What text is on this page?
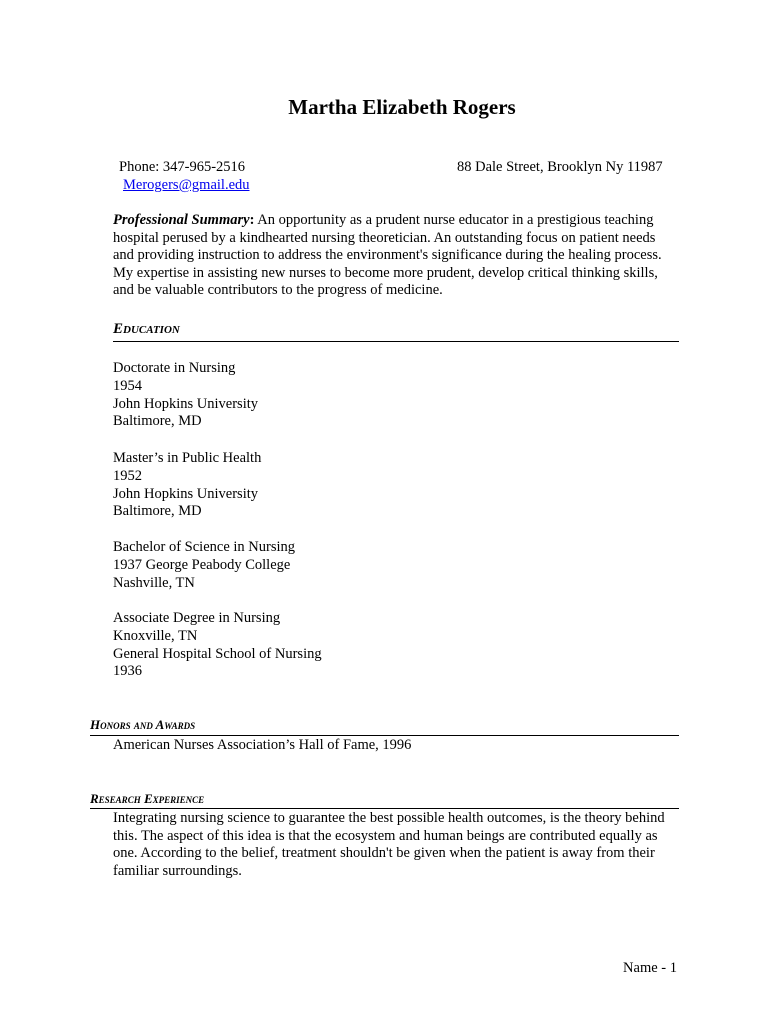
Martha Elizabeth Rogers
Phone: 347-965-2516	88 Dale Street, Brooklyn Ny 11987
Merogers@gmail.edu
Professional Summary: An opportunity as a prudent nurse educator in a prestigious teaching hospital perused by a kindhearted nursing theoretician. An outstanding focus on patient needs and providing instruction to address the environment's significance during the healing process. My expertise in assisting new nurses to become more prudent, develop critical thinking skills, and be valuable contributors to the progress of medicine.
Education
Doctorate in Nursing
1954
John Hopkins University
Baltimore, MD
Master’s in Public Health
1952
John Hopkins University
Baltimore, MD
Bachelor of Science in Nursing
1937 George Peabody College
Nashville, TN
Associate Degree in Nursing
Knoxville, TN
General Hospital School of Nursing
1936
Honors and Awards
American Nurses Association’s Hall of Fame, 1996
Research Experience
Integrating nursing science to guarantee the best possible health outcomes, is the theory behind this. The aspect of this idea is that the ecosystem and human beings are contributed equally as one. According to the belief, treatment shouldn't be given when the patient is away from their familiar surroundings.
Name - 1
